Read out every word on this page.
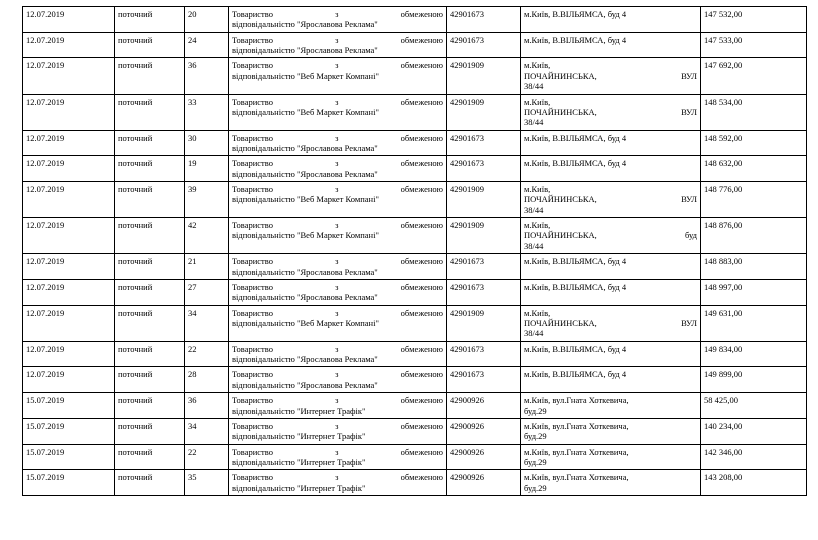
12.07.2019	поточний	20	Товариство з обмеженою
відповідальністю "Ярославова Реклама"	42901673	м.Київ, В.ВІЛЬЯМСА, буд 4	147 532,00
12.07.2019	поточний	24	Товариство з обмеженою
відповідальністю "Ярославова Реклама"	42901673	м.Київ, В.ВІЛЬЯМСА, буд 4	147 533,00
12.07.2019	поточний	36	Товариство з обмеженою
відповідальністю "Веб Маркет Компані"	42901909	м.Київ,
ПОЧАЙНИНСЬКА, ВУЛ
38/44	147 692,00
12.07.2019	поточний	33	Товариство з обмеженою
відповідальністю "Веб Маркет Компані"	42901909	м.Київ,
ПОЧАЙНИНСЬКА, ВУЛ
38/44	148 534,00
12.07.2019	поточний	30	Товариство з обмеженою
відповідальністю "Ярославова Реклама"	42901673	м.Київ, В.ВІЛЬЯМСА, буд 4	148 592,00
12.07.2019	поточний	19	Товариство з обмеженою
відповідальністю "Ярославова Реклама"	42901673	м.Київ, В.ВІЛЬЯМСА, буд 4	148 632,00
12.07.2019	поточний	39	Товариство з обмеженою
відповідальністю "Веб Маркет Компані"	42901909	м.Київ,
ПОЧАЙНИНСЬКА, ВУЛ
38/44	148 776,00
12.07.2019	поточний	42	Товариство з обмеженою
відповідальністю "Веб Маркет Компані"	42901909	м.Київ,
ПОЧАЙНИНСЬКА, буд
38/44	148 876,00
12.07.2019	поточний	21	Товариство з обмеженою
відповідальністю "Ярославова Реклама"	42901673	м.Київ, В.ВІЛЬЯМСА, буд 4	148 883,00
12.07.2019	поточний	27	Товариство з обмеженою
відповідальністю "Ярославова Реклама"	42901673	м.Київ, В.ВІЛЬЯМСА, буд 4	148 997,00
12.07.2019	поточний	34	Товариство з обмеженою
відповідальністю "Веб Маркет Компані"	42901909	м.Київ,
ПОЧАЙНИНСЬКА, ВУЛ
38/44	149 631,00
12.07.2019	поточний	22	Товариство з обмеженою
відповідальністю "Ярославова Реклама"	42901673	м.Київ, В.ВІЛЬЯМСА, буд 4	149 834,00
12.07.2019	поточний	28	Товариство з обмеженою
відповідальністю "Ярославова Реклама"	42901673	м.Київ, В.ВІЛЬЯМСА, буд 4	149 899,00
15.07.2019	поточний	36	Товариство з обмеженою
відповідальністю "Интернет Трафік"	42900926	м.Київ, вул.Гната Хоткевича,
буд.29	58 425,00
15.07.2019	поточний	34	Товариство з обмеженою
відповідальністю "Интернет Трафік"	42900926	м.Київ, вул.Гната Хоткевича,
буд.29	140 234,00
15.07.2019	поточний	22	Товариство з обмеженою
відповідальністю "Интернет Трафік"	42900926	м.Київ, вул.Гната Хоткевича,
буд.29	142 346,00
15.07.2019	поточний	35	Товариство з обмеженою
відповідальністю "Интернет Трафік"	42900926	м.Київ, вул.Гната Хоткевича,
буд.29	143 208,00
